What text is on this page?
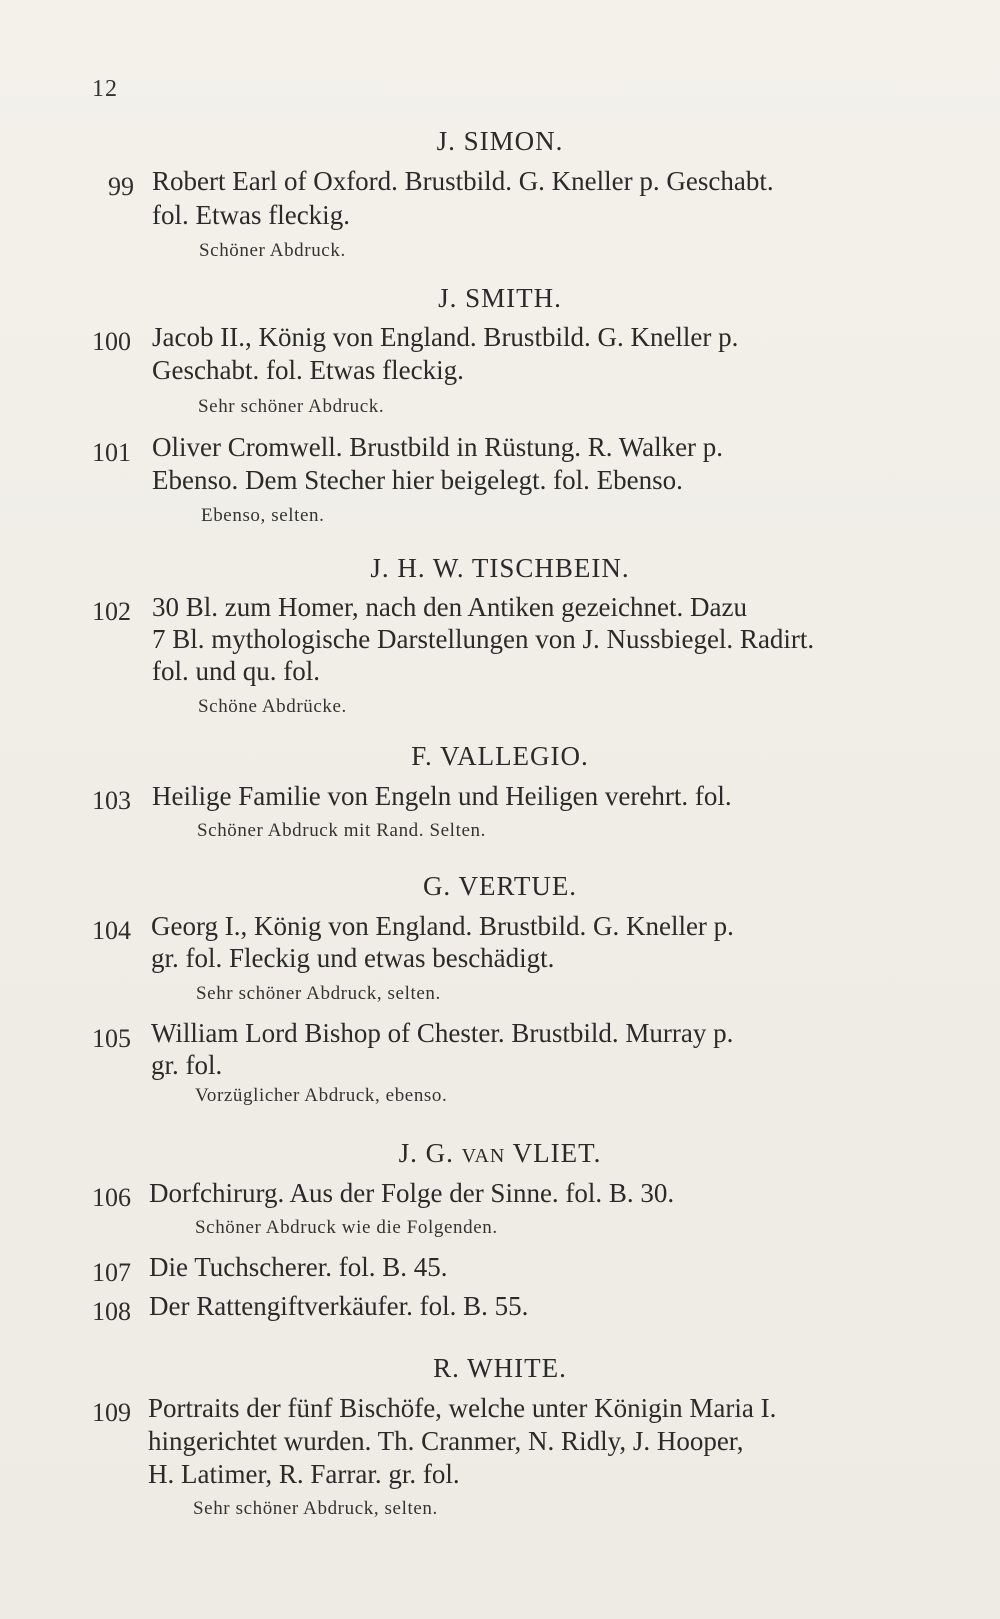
12
J. SIMON.
99 Robert Earl of Oxford. Brustbild. G. Kneller p. Geschabt.
fol. Etwas fleckig.
Schöner Abdruck.
J. SMITH.
100 Jacob II., König von England. Brustbild. G. Kneller p.
Geschabt. fol. Etwas fleckig.
Sehr schöner Abdruck.
101 Oliver Cromwell. Brustbild in Rüstung. R. Walker p.
Ebenso. Dem Stecher hier beigelegt. fol. Ebenso.
Ebenso, selten.
J. H. W. TISCHBEIN.
102 30 Bl. zum Homer, nach den Antiken gezeichnet. Dazu
7 Bl. mythologische Darstellungen von J. Nussbiegel. Radirt.
fol. und qu. fol.
Schöne Abdrücke.
F. VALLEGIO.
103 Heilige Familie von Engeln und Heiligen verehrt. fol.
Schöner Abdruck mit Rand. Selten.
G. VERTUE.
104 Georg I., König von England. Brustbild. G. Kneller p.
gr. fol. Fleckig und etwas beschädigt.
Sehr schöner Abdruck, selten.
105 William Lord Bishop of Chester. Brustbild. Murray p.
gr. fol.
Vorzüglicher Abdruck, ebenso.
J. G. VAN VLIET.
106 Dorfchirurg. Aus der Folge der Sinne. fol. B. 30.
Schöner Abdruck wie die Folgenden.
107 Die Tuchscherer. fol. B. 45.
108 Der Rattengiftverkäufer. fol. B. 55.
R. WHITE.
109 Portraits der fünf Bischöfe, welche unter Königin Maria I.
hingerichtet wurden. Th. Cranmer, N. Ridly, J. Hooper,
H. Latimer, R. Farrar. gr. fol.
Sehr schöner Abdruck, selten.
